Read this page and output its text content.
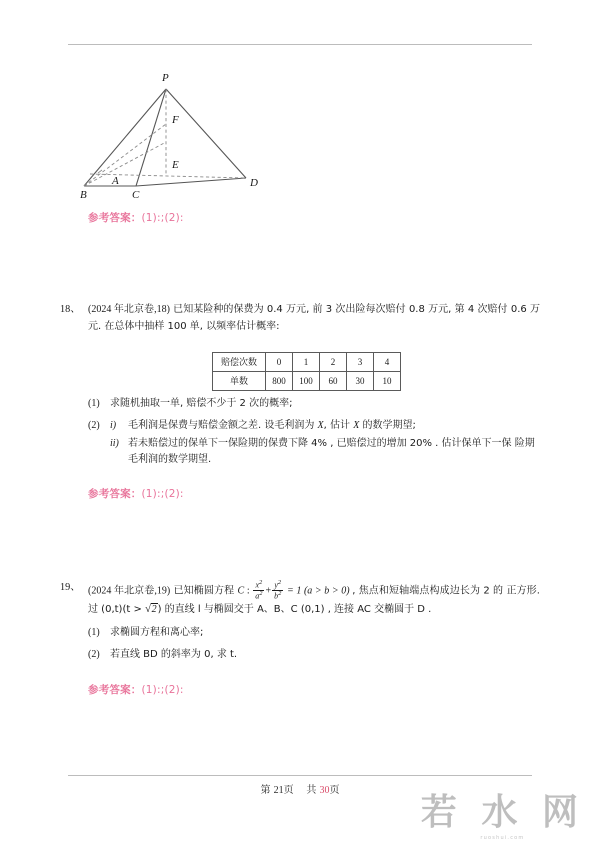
P
F
E
A
B	C
D
参考答案：(1):;(2):
18、 (2024 年北京卷,18) 已知某险种的保费为 0.4 万元, 前 3 次出险每次赔付 0.8 万元, 第 4 次赔付 0.6 万元. 在总体中抽样 100 单, 以频率估计概率:
赔偿次数	0	1	2	3	4
单数	800	100	60	30	10
(1)	求随机抽取一单, 赔偿不少于 2 次的概率;
(2)	i)	毛利润是保费与赔偿金额之差. 设毛利润为 X, 估计 X 的数学期望;
ii) 若未赔偿过的保单下一保险期的保费下降 4% , 已赔偿过的增加 20% . 估计保单下一保 险期毛利润的数学期望.
参考答案：(1):;(2):
19、 (2024 年北京卷,19) 已知椭圆方程 C : $\frac{x^2}{a^2} + \frac{y^2}{b^2} = 1$ (a > b > 0) , 焦点和短轴端点构成边长为 2 的 正方形. 过 (0,t)(t > √2) 的直线 l 与椭圆交于 A、B、C (0,1) , 连接 AC 交椭圆于 D .
(1)	求椭圆方程和离心率;
(2)	若直线 BD 的斜率为 0, 求 t.
参考答案：(1):;(2):
第 21页 共 30页
若 水 网
ruoshui.com
